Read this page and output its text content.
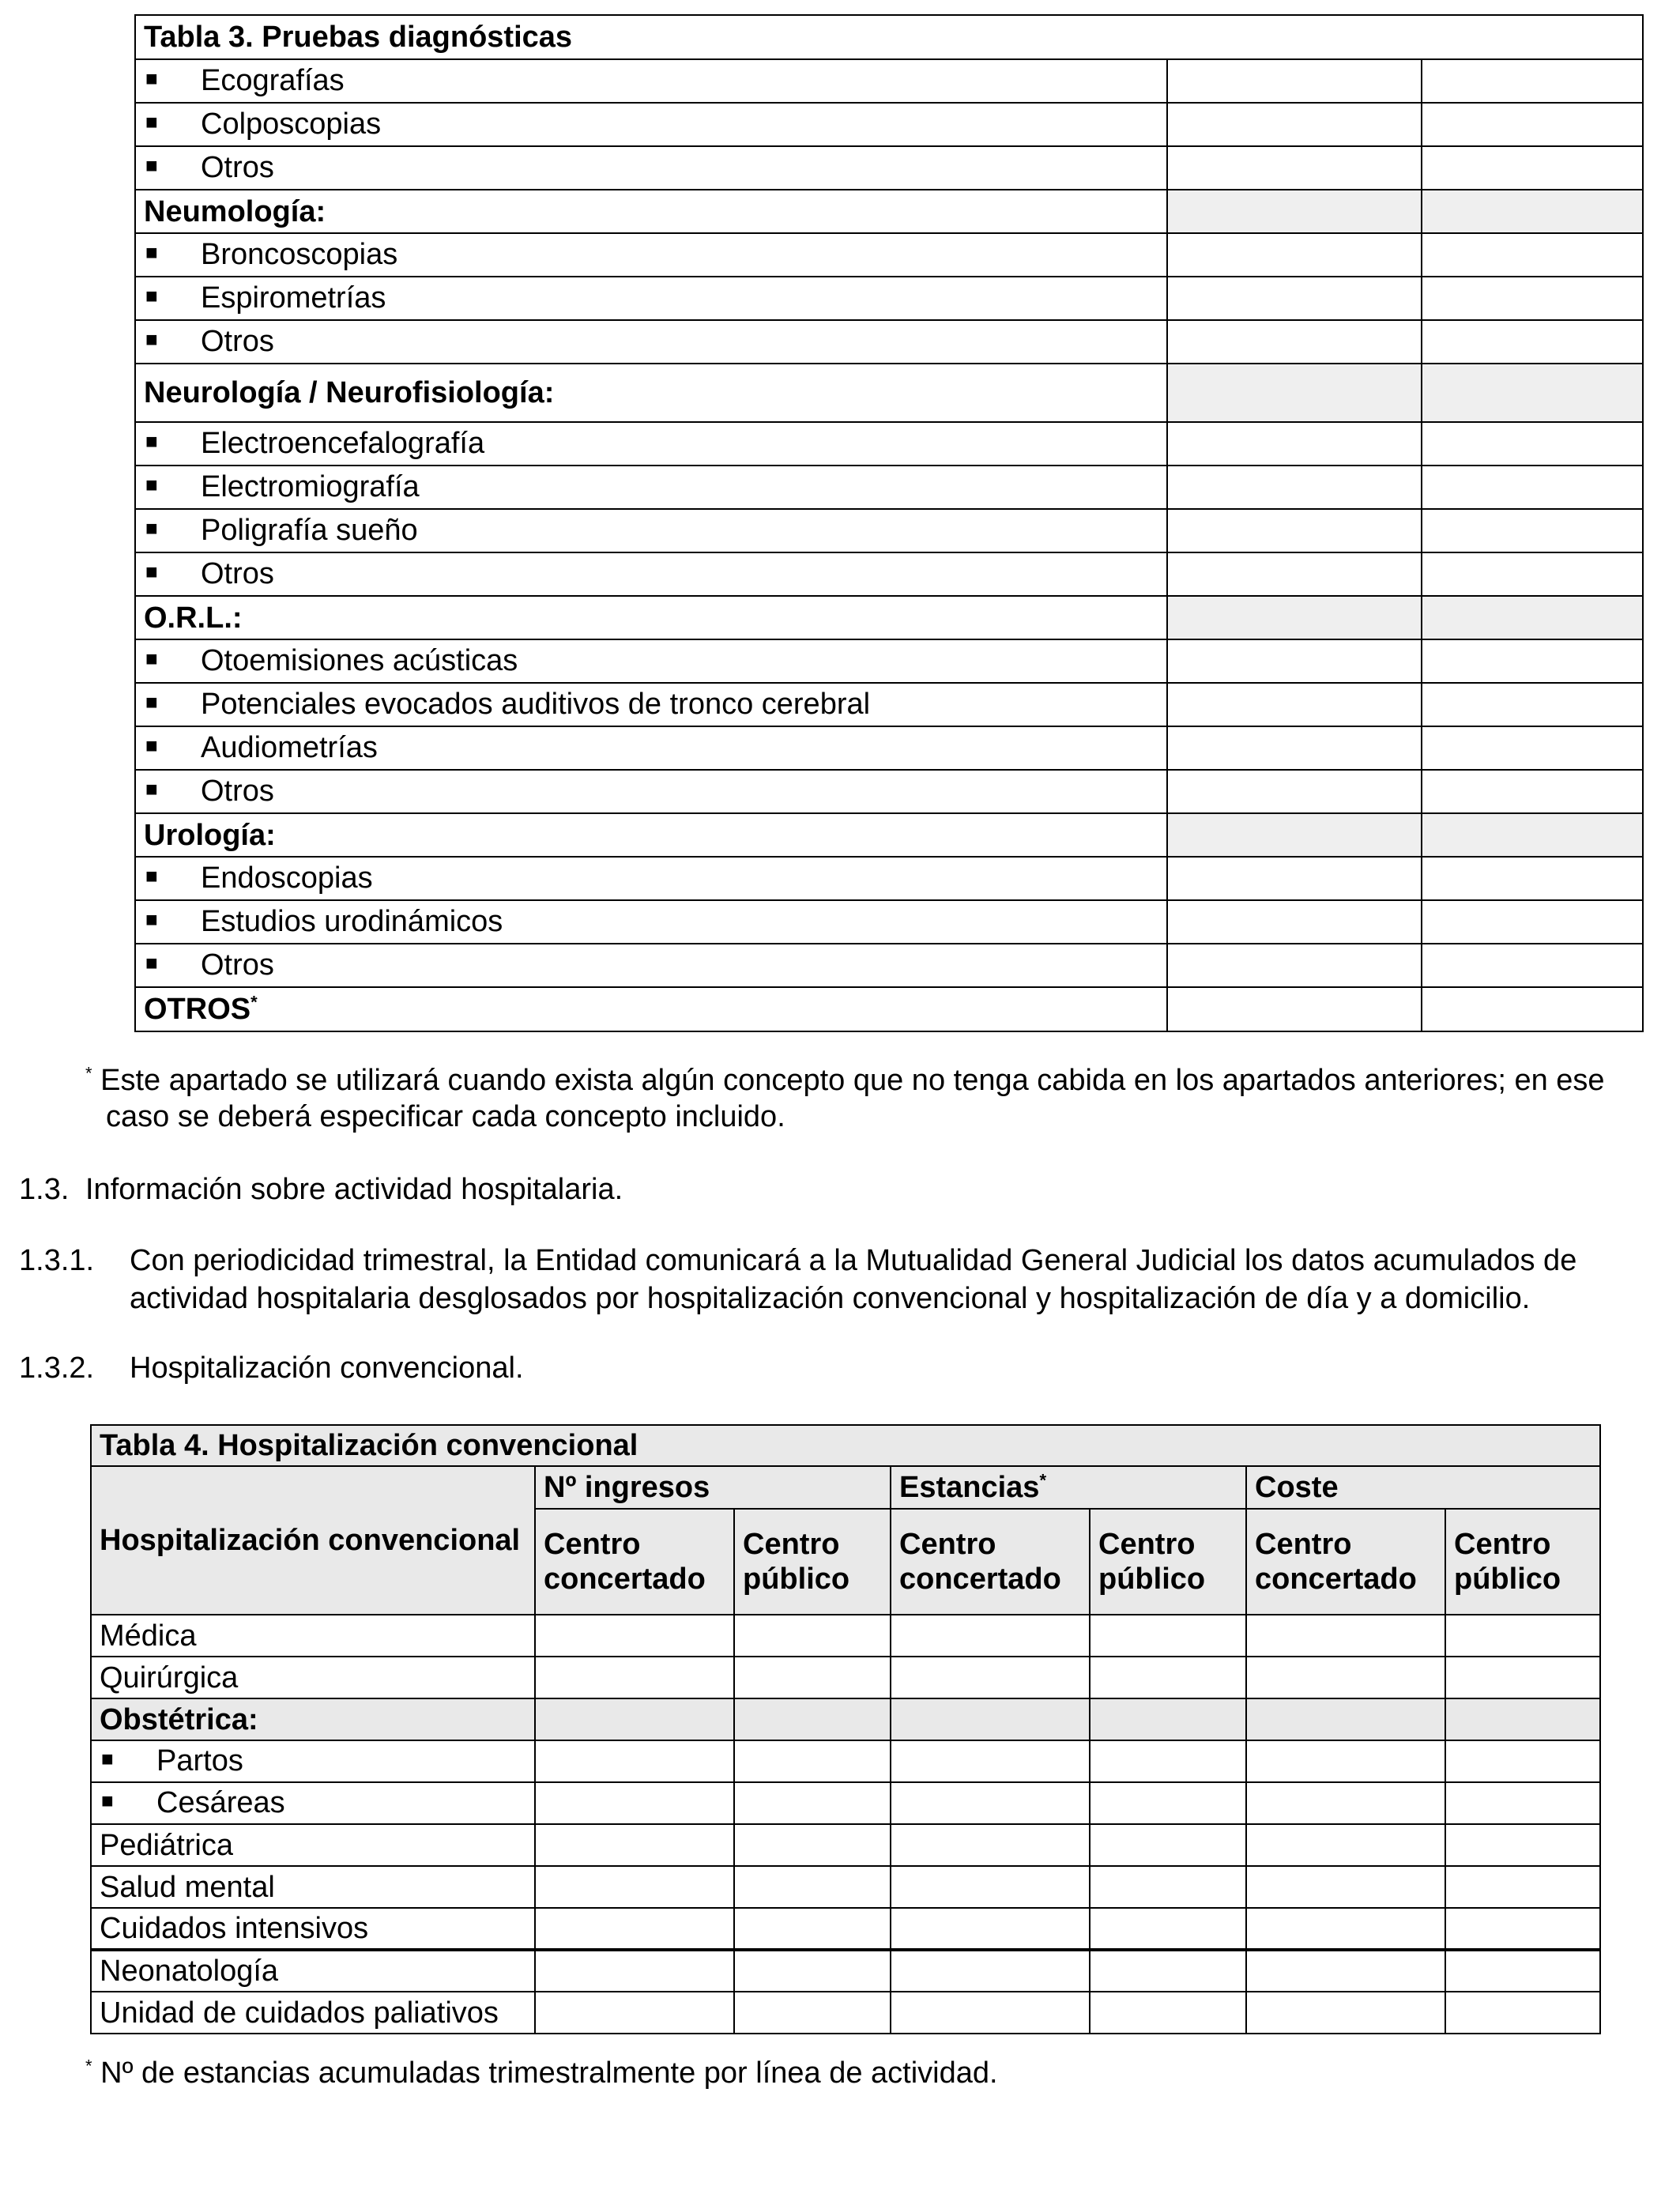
Tabla 3. Pruebas diagnósticas		
■ Ecografías		
■ Colposcopias		
■ Otros		
Neumología:		
■ Broncoscopias		
■ Espirometrías		
■ Otros		
Neurología / Neurofisiología:		
■ Electroencefalografía		
■ Electromiografía		
■ Poligrafía sueño		
■ Otros		
O.R.L.:		
■ Otoemisiones acústicas		
■ Potenciales evocados auditivos de tronco cerebral		
■ Audiometrías		
■ Otros		
Urología:		
■ Endoscopias		
■ Estudios urodinámicos		
■ Otros		
OTROS*		
* Este apartado se utilizará cuando exista algún concepto que no tenga cabida en los apartados anteriores; en ese
caso se deberá especificar cada concepto incluido.
1.3. Información sobre actividad hospitalaria.
1.3.1. Con periodicidad trimestral, la Entidad comunicará a la Mutualidad General Judicial los datos acumulados de
actividad hospitalaria desglosados por hospitalización convencional y hospitalización de día y a domicilio.
1.3.2. Hospitalización convencional.
Tabla 4. Hospitalización convencional						
Hospitalización convencional	Nº ingresos		Estancias*		Coste	
	Centro concertado	Centro público	Centro concertado	Centro público	Centro concertado	Centro público
Médica						
Quirúrgica						
Obstétrica:						
■ Partos						
■ Cesáreas						
Pediátrica						
Salud mental						
Cuidados intensivos						
Neonatología						
Unidad de cuidados paliativos						
* Nº de estancias acumuladas trimestralmente por línea de actividad.
